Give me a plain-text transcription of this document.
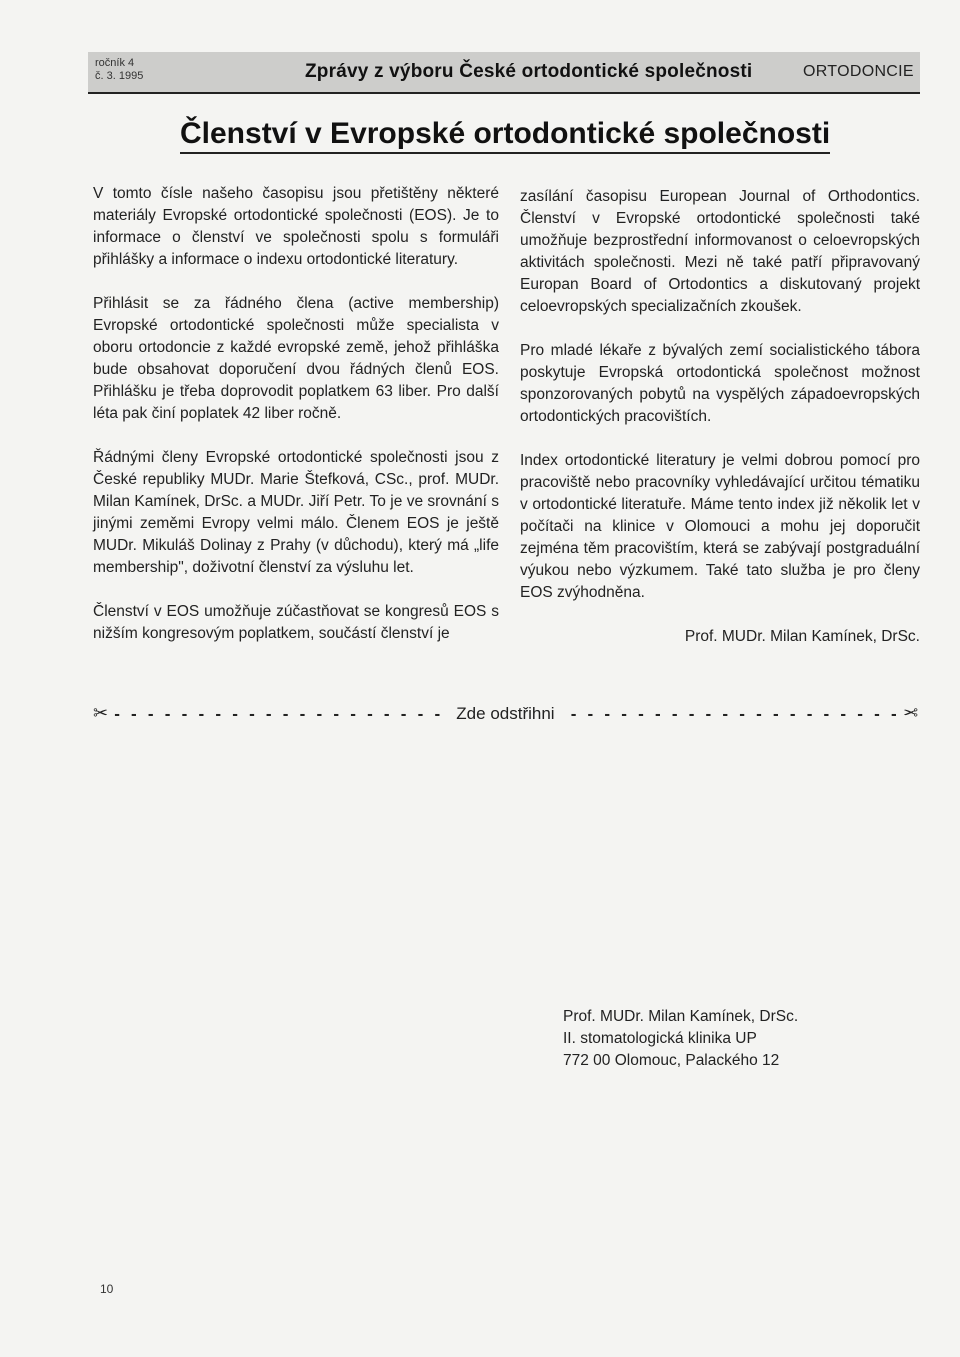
ročník 4
č. 3. 1995	Zprávy z výboru České ortodontické společnosti	ORTODONCIE
Členství v Evropské ortodontické společnosti

V tomto čísle našeho časopisu jsou přetištěny některé materiály Evropské ortodontické společnosti (EOS). Je to informace o členství ve společnosti spolu s formuláři přihlášky a informace o indexu ortodontické literatury.

Přihlásit se za řádného člena (active membership) Evropské ortodontické společnosti může specialista v oboru ortodoncie z každé evropské země, jehož přihláška bude obsahovat doporučení dvou řádných členů EOS. Přihlášku je třeba doprovodit poplatkem 63 liber. Pro další léta pak činí poplatek 42 liber ročně.

Řádnými členy Evropské ortodontické společnosti jsou z České republiky MUDr. Marie Štefková, CSc., prof. MUDr. Milan Kamínek, DrSc. a MUDr. Jiří Petr. To je ve srovnání s jinými zeměmi Evropy velmi málo. Členem EOS je ještě MUDr. Mikuláš Dolinay z Prahy (v důchodu), který má „life membership", doživotní členství za výsluhu let.

Členství v EOS umožňuje zúčastňovat se kongresů EOS s nižším kongresovým poplatkem, součástí členství je

zasílání časopisu European Journal of Orthodontics. Členství v Evropské ortodontické společnosti také umožňuje bezprostřední informovanost o celoevropských aktivitách společnosti. Mezi ně také patří připravovaný Europan Board of Ortodontics a diskutovaný projekt celoevropských specializačních zkoušek.

Pro mladé lékaře z bývalých zemí socialistického tábora poskytuje Evropská ortodontická společnost možnost sponzorovaných pobytů na vyspělých západoevropských ortodontických pracovištích.

Index ortodontické literatury je velmi dobrou pomocí pro pracoviště nebo pracovníky vyhledávající určitou tématiku v ortodontické literatuře. Máme tento index již několik let v počítači na klinice v Olomouci a mohu jej doporučit zejména těm pracovištím, která se zabývají postgraduální výukou nebo výzkumem. Také tato služba je pro členy EOS zvýhodněna.

Prof. MUDr. Milan Kamínek, DrSc.

✂ - - - - - - - - - - - - - - - - - - - - Zde odstřihni - - - - - - - - - - - - - - - - - - - - ✂
Prof. MUDr. Milan Kamínek, DrSc.
II. stomatologická klinika UP
772 00 Olomouc, Palackého 12
10
